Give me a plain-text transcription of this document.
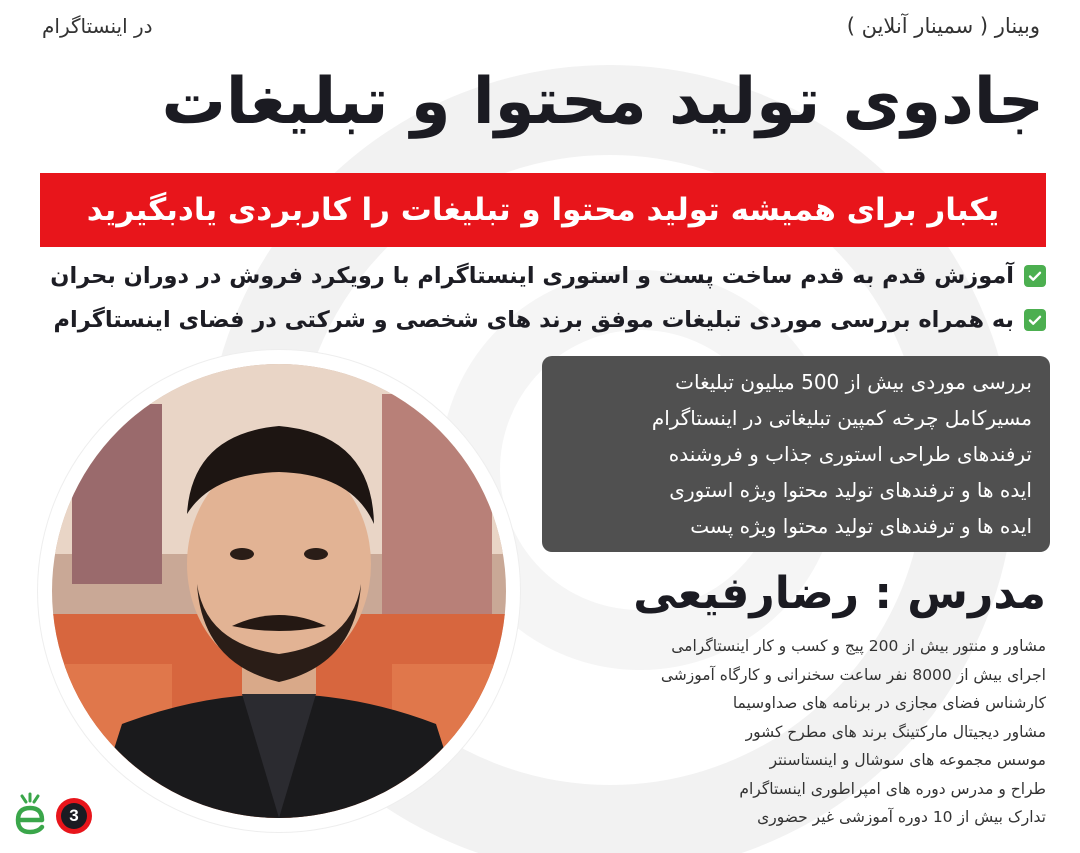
در اینستاگرام	وبینار ( سمینار آنلاین )
جادوی تولید محتوا و تبلیغات
یکبار برای همیشه تولید محتوا و تبلیغات را کاربردی یادبگیرید
آموزش قدم به قدم ساخت پست و استوری اینستاگرام با رویکرد فروش در دوران بحران
به همراه بررسی موردی تبلیغات موفق برند های شخصی و شرکتی در فضای اینستاگرام
بررسی موردی بیش از 500 میلیون تبلیغات
مسیرکامل چرخه کمپین تبلیغاتی در اینستاگرام
ترفندهای طراحی استوری جذاب و فروشنده
ایده ها و ترفندهای تولید محتوا ویژه استوری
ایده ها و ترفندهای تولید محتوا ویژه پست
مدرس : رضارفیعی
مشاور و منتور بیش از 200 پیج و کسب و کار اینستاگرامی
اجرای بیش از 8000 نفر ساعت سخنرانی و کارگاه آموزشی
کارشناس فضای مجازی در برنامه های صداوسیما
مشاور دیجیتال مارکتینگ برند های مطرح کشور
موسس مجموعه های سوشال و اینستاسنتر
طراح و مدرس دوره های امپراطوری اینستاگرام
تدارک بیش از 10 دوره آموزشی غیر حضوری
3
